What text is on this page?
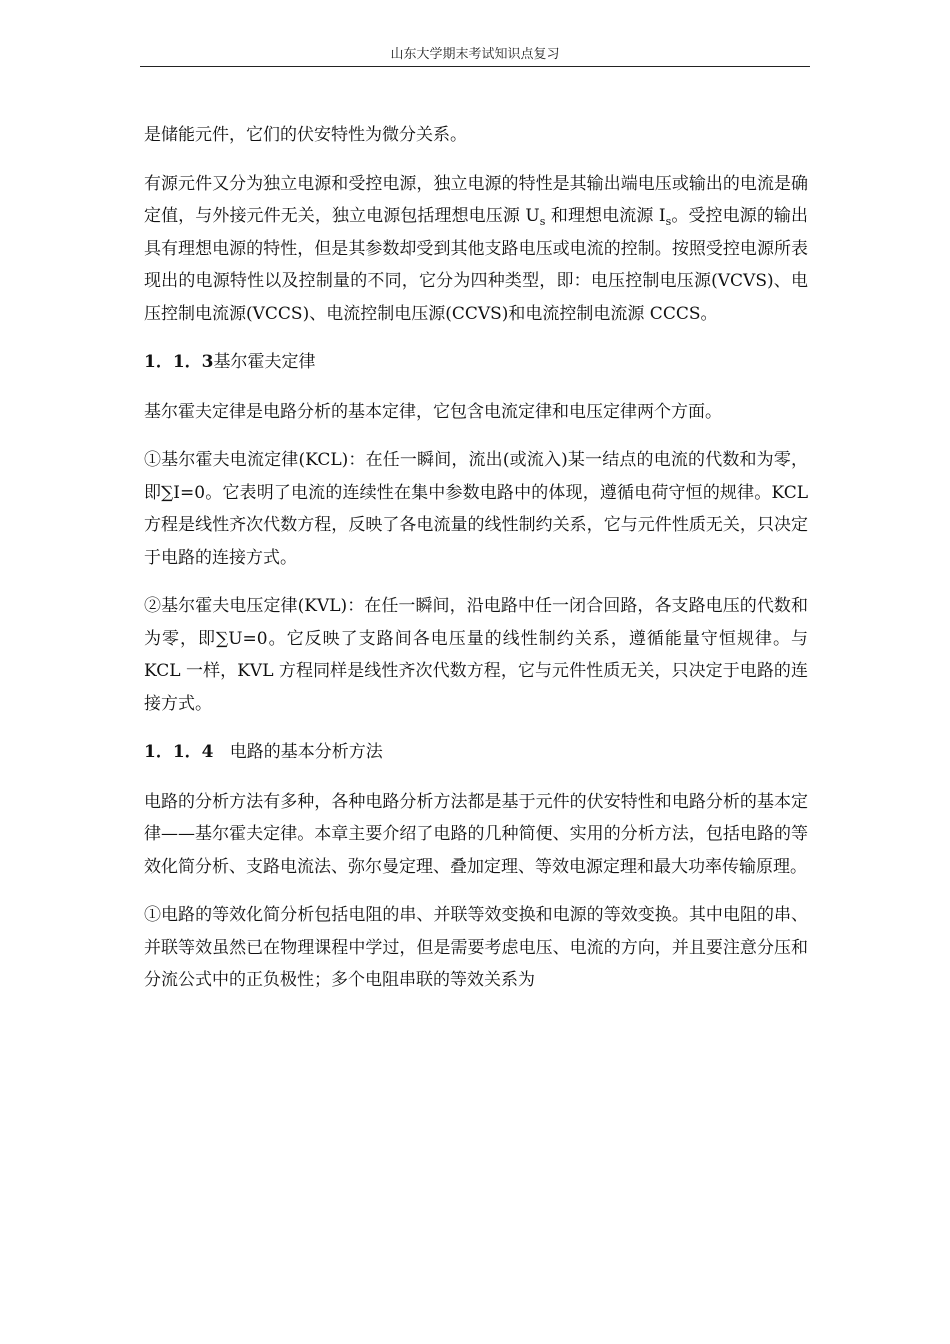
山东大学期末考试知识点复习

是储能元件，它们的伏安特性为微分关系。

有源元件又分为独立电源和受控电源，独立电源的特性是其输出端电压或输出的电流是确定值，与外接元件无关，独立电源包括理想电压源 $U_s$ 和理想电流源 $I_s$。受控电源的输出具有理想电源的特性，但是其参数却受到其他支路电压或电流的控制。按照受控电源所表现出的电源特性以及控制量的不同，它分为四种类型，即：电压控制电压源(VCVS)、电压控制电流源(VCCS)、电流控制电压源(CCVS)和电流控制电流源 CCCS。

1．1．3基尔霍夫定律

基尔霍夫定律是电路分析的基本定律，它包含电流定律和电压定律两个方面。

①基尔霍夫电流定律(KCL)：在任一瞬间，流出(或流入)某一结点的电流的代数和为零，即∑I=0。它表明了电流的连续性在集中参数电路中的体现，遵循电荷守恒的规律。KCL 方程是线性齐次代数方程，反映了各电流量的线性制约关系，它与元件性质无关，只决定于电路的连接方式。

②基尔霍夫电压定律(KVL)：在任一瞬间，沿电路中任一闭合回路，各支路电压的代数和为零，即∑U=0。它反映了支路间各电压量的线性制约关系，遵循能量守恒规律。与 KCL 一样，KVL 方程同样是线性齐次代数方程，它与元件性质无关，只决定于电路的连接方式。

1．1．4 电路的基本分析方法

电路的分析方法有多种，各种电路分析方法都是基于元件的伏安特性和电路分析的基本定律——基尔霍夫定律。本章主要介绍了电路的几种简便、实用的分析方法，包括电路的等效化简分析、支路电流法、弥尔曼定理、叠加定理、等效电源定理和最大功率传输原理。

①电路的等效化简分析包括电阻的串、并联等效变换和电源的等效变换。其中电阻的串、并联等效虽然已在物理课程中学过，但是需要考虑电压、电流的方向，并且要注意分压和分流公式中的正负极性；多个电阻串联的等效关系为
